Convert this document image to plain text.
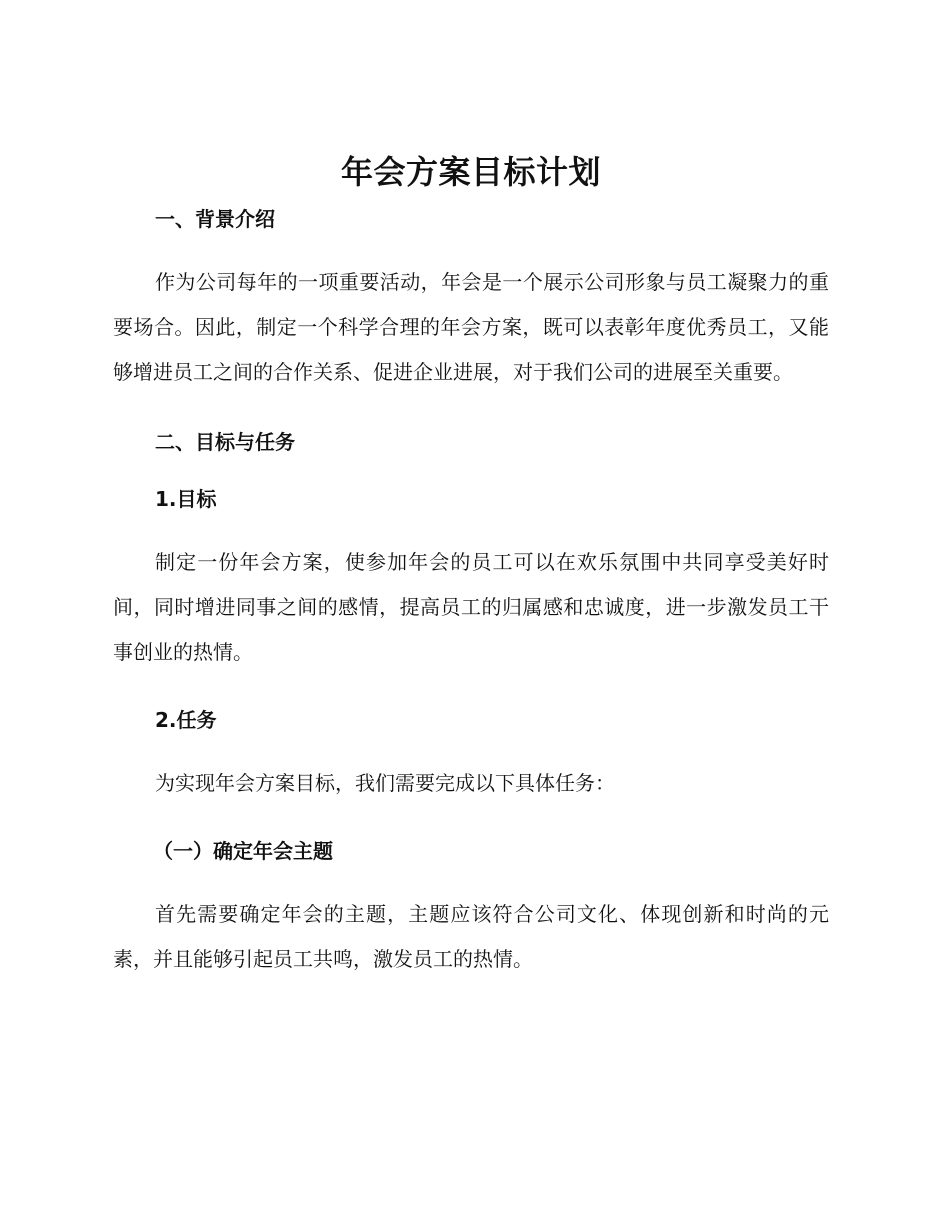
年会方案目标计划
一、背景介绍

作为公司每年的一项重要活动，年会是一个展示公司形象与员工凝聚力的重要场合。因此，制定一个科学合理的年会方案，既可以表彰年度优秀员工，又能够增进员工之间的合作关系、促进企业进展，对于我们公司的进展至关重要。

二、目标与任务
1.目标

制定一份年会方案，使参加年会的员工可以在欢乐氛围中共同享受美好时间，同时增进同事之间的感情，提高员工的归属感和忠诚度，进一步激发员工干事创业的热情。

2.任务

为实现年会方案目标，我们需要完成以下具体任务：

（一）确定年会主题

首先需要确定年会的主题，主题应该符合公司文化、体现创新和时尚的元素，并且能够引起员工共鸣，激发员工的热情。
